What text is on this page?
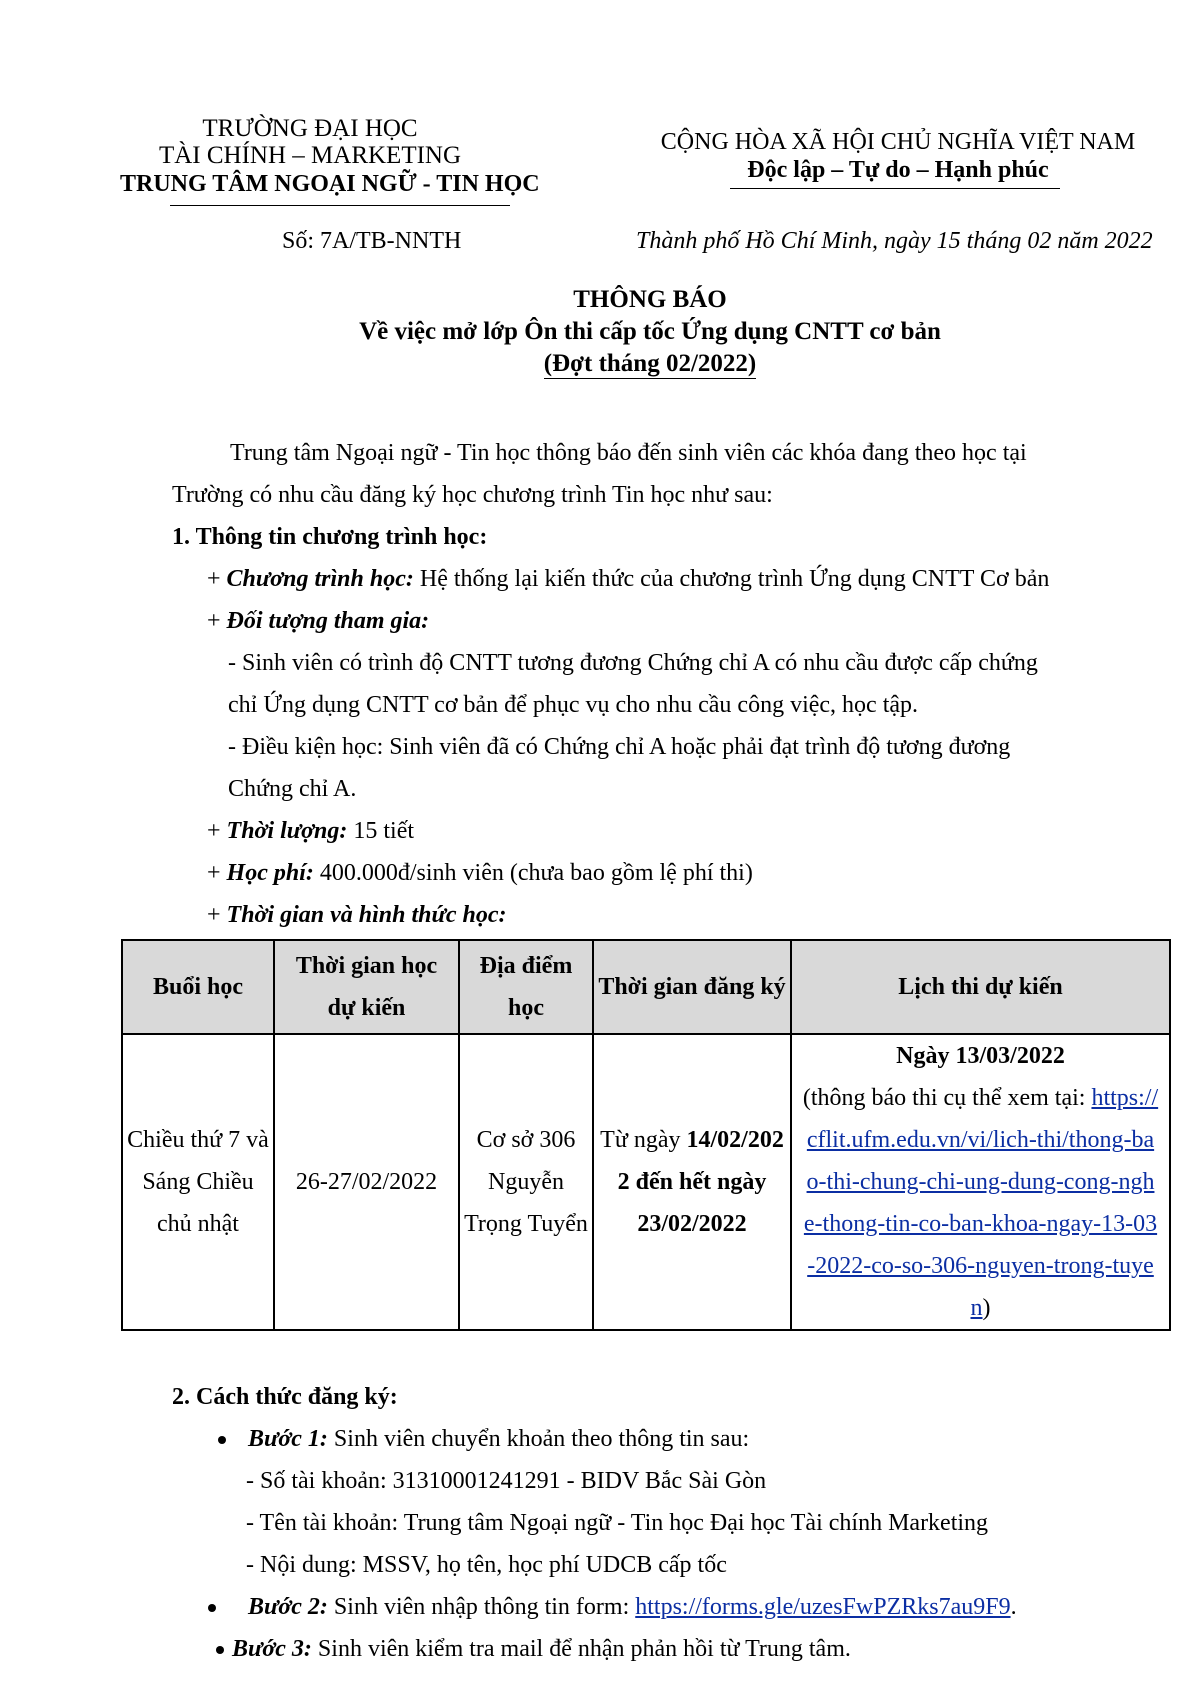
TRƯỜNG ĐẠI HỌC
TÀI CHÍNH – MARKETING
TRUNG TÂM NGOẠI NGỮ - TIN HỌC
CỘNG HÒA XÃ HỘI CHỦ NGHĨA VIỆT NAM
Độc lập – Tự do – Hạnh phúc
Số: 7A/TB-NNTH	Thành phố Hồ Chí Minh, ngày 15 tháng 02 năm 2022
THÔNG BÁO
Về việc mở lớp Ôn thi cấp tốc Ứng dụng CNTT cơ bản
(Đợt tháng 02/2022)
Trung tâm Ngoại ngữ - Tin học thông báo đến sinh viên các khóa đang theo học tại
Trường có nhu cầu đăng ký học chương trình Tin học như sau:
1. Thông tin chương trình học:
+ Chương trình học: Hệ thống lại kiến thức của chương trình Ứng dụng CNTT Cơ bản
+ Đối tượng tham gia:
- Sinh viên có trình độ CNTT tương đương Chứng chỉ A có nhu cầu được cấp chứng
chỉ Ứng dụng CNTT cơ bản để phục vụ cho nhu cầu công việc, học tập.
- Điều kiện học: Sinh viên đã có Chứng chỉ A hoặc phải đạt trình độ tương đương
Chứng chỉ A.
+ Thời lượng: 15 tiết
+ Học phí: 400.000đ/sinh viên (chưa bao gồm lệ phí thi)
+ Thời gian và hình thức học:
Buổi học	Thời gian học dự kiến	Địa điểm học	Thời gian đăng ký	Lịch thi dự kiến
Chiều thứ 7 và Sáng Chiều chủ nhật	26-27/02/2022	Cơ sở 306 Nguyễn Trọng Tuyển	Từ ngày 14/02/2022 đến hết ngày 23/02/2022	Ngày 13/03/2022
(thông báo thi cụ thể xem tại: https://cflit.ufm.edu.vn/vi/lich-thi/thong-bao-thi-chung-chi-ung-dung-cong-nghe-thong-tin-co-ban-khoa-ngay-13-03-2022-co-so-306-nguyen-trong-tuyen)
2. Cách thức đăng ký:
Bước 1: Sinh viên chuyển khoản theo thông tin sau:
- Số tài khoản: 31310001241291 - BIDV Bắc Sài Gòn
- Tên tài khoản: Trung tâm Ngoại ngữ - Tin học Đại học Tài chính Marketing
- Nội dung: MSSV, họ tên, học phí UDCB cấp tốc
Bước 2: Sinh viên nhập thông tin form: https://forms.gle/uzesFwPZRks7au9F9.
Bước 3: Sinh viên kiểm tra mail để nhận phản hồi từ Trung tâm.
